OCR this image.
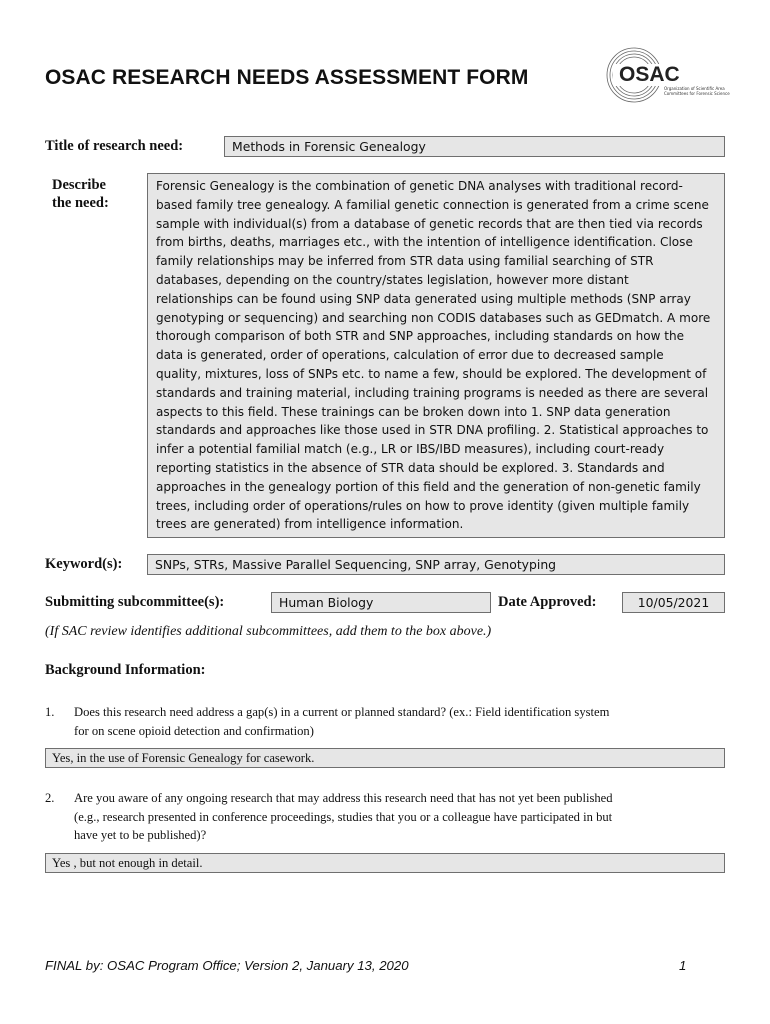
OSAC RESEARCH NEEDS ASSESSMENT FORM	OSAC
Organization of Scientific Area
Committees for Forensic Science
Title of research need:	Methods in Forensic Genealogy
Describe
the need:
Forensic Genealogy is the combination of genetic DNA analyses with traditional record-
based family tree genealogy. A familial genetic connection is generated from a crime scene
sample with individual(s) from a database of genetic records that are then tied via records
from births, deaths, marriages etc., with the intention of intelligence identification. Close
family relationships may be inferred from STR data using familial searching of STR
databases, depending on the country/states legislation, however more distant
relationships can be found using SNP data generated using multiple methods (SNP array
genotyping or sequencing) and searching non CODIS databases such as GEDmatch. A more
thorough comparison of both STR and SNP approaches, including standards on how the
data is generated, order of operations, calculation of error due to decreased sample
quality, mixtures, loss of SNPs etc. to name a few, should be explored. The development of
standards and training material, including training programs is needed as there are several
aspects to this field. These trainings can be broken down into 1. SNP data generation
standards and approaches like those used in STR DNA profiling. 2. Statistical approaches to
infer a potential familial match (e.g., LR or IBS/IBD measures), including court-ready
reporting statistics in the absence of STR data should be explored. 3. Standards and
approaches in the genealogy portion of this field and the generation of non-genetic family
trees, including order of operations/rules on how to prove identity (given multiple family
trees are generated) from intelligence information.
Keyword(s):	SNPs, STRs, Massive Parallel Sequencing, SNP array, Genotyping
Submitting subcommittee(s):	Human Biology	Date Approved:	10/05/2021
(If SAC review identifies additional subcommittees, add them to the box above.)
Background Information:
1. Does this research need address a gap(s) in a current or planned standard? (ex.: Field identification system
for on scene opioid detection and confirmation)
Yes, in the use of Forensic Genealogy for casework.
2. Are you aware of any ongoing research that may address this research need that has not yet been published
(e.g., research presented in conference proceedings, studies that you or a colleague have participated in but
have yet to be published)?
Yes , but not enough in detail.
FINAL by: OSAC Program Office; Version 2, January 13, 2020	1
